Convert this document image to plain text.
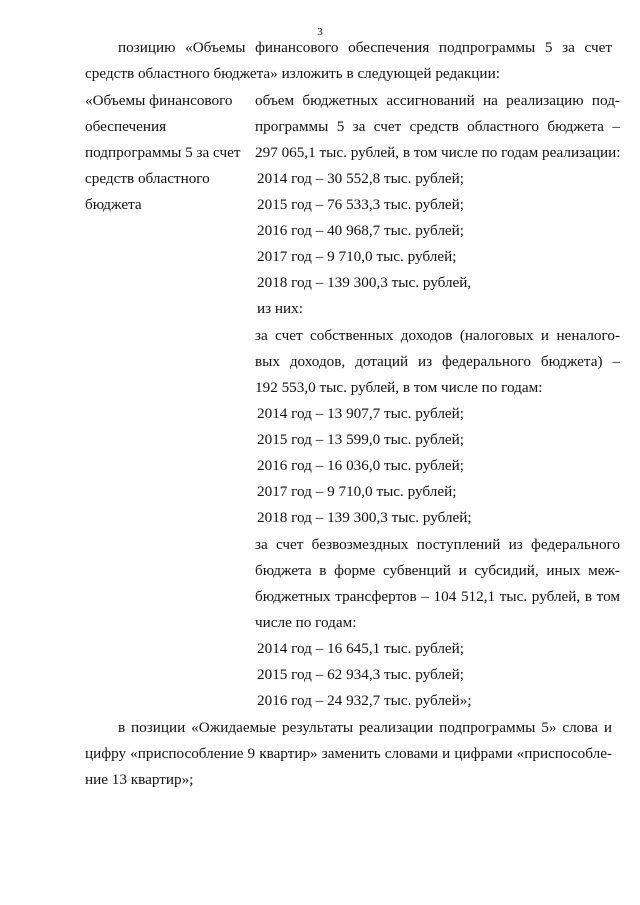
3
позицию «Объемы финансового обеспечения подпрограммы 5 за счет
средств областного бюджета» изложить в следующей редакции:
«Объемы финансового
обеспечения
подпрограммы 5 за счет
средств областного
бюджета
объем бюджетных ассигнований на реализацию под-
программы 5 за счет средств областного бюджета –
297 065,1 тыс. рублей, в том числе по годам реализации:
2014 год – 30 552,8 тыс. рублей;
2015 год – 76 533,3 тыс. рублей;
2016 год – 40 968,7 тыс. рублей;
2017 год – 9 710,0 тыс. рублей;
2018 год – 139 300,3 тыс. рублей,
из них:
за счет собственных доходов (налоговых и неналого-
вых доходов, дотаций из федерального бюджета) –
192 553,0 тыс. рублей, в том числе по годам:
2014 год – 13 907,7 тыс. рублей;
2015 год – 13 599,0 тыс. рублей;
2016 год – 16 036,0 тыс. рублей;
2017 год – 9 710,0 тыс. рублей;
2018 год – 139 300,3 тыс. рублей;
за счет безвозмездных поступлений из федерального
бюджета в форме субвенций и субсидий, иных меж-
бюджетных трансфертов – 104 512,1 тыс. рублей, в том
числе по годам:
2014 год – 16 645,1 тыс. рублей;
2015 год – 62 934,3 тыс. рублей;
2016 год – 24 932,7 тыс. рублей»;
в позиции «Ожидаемые результаты реализации подпрограммы 5» слова и
цифру «приспособление 9 квартир» заменить словами и цифрами «приспособле-
ние 13 квартир»;
